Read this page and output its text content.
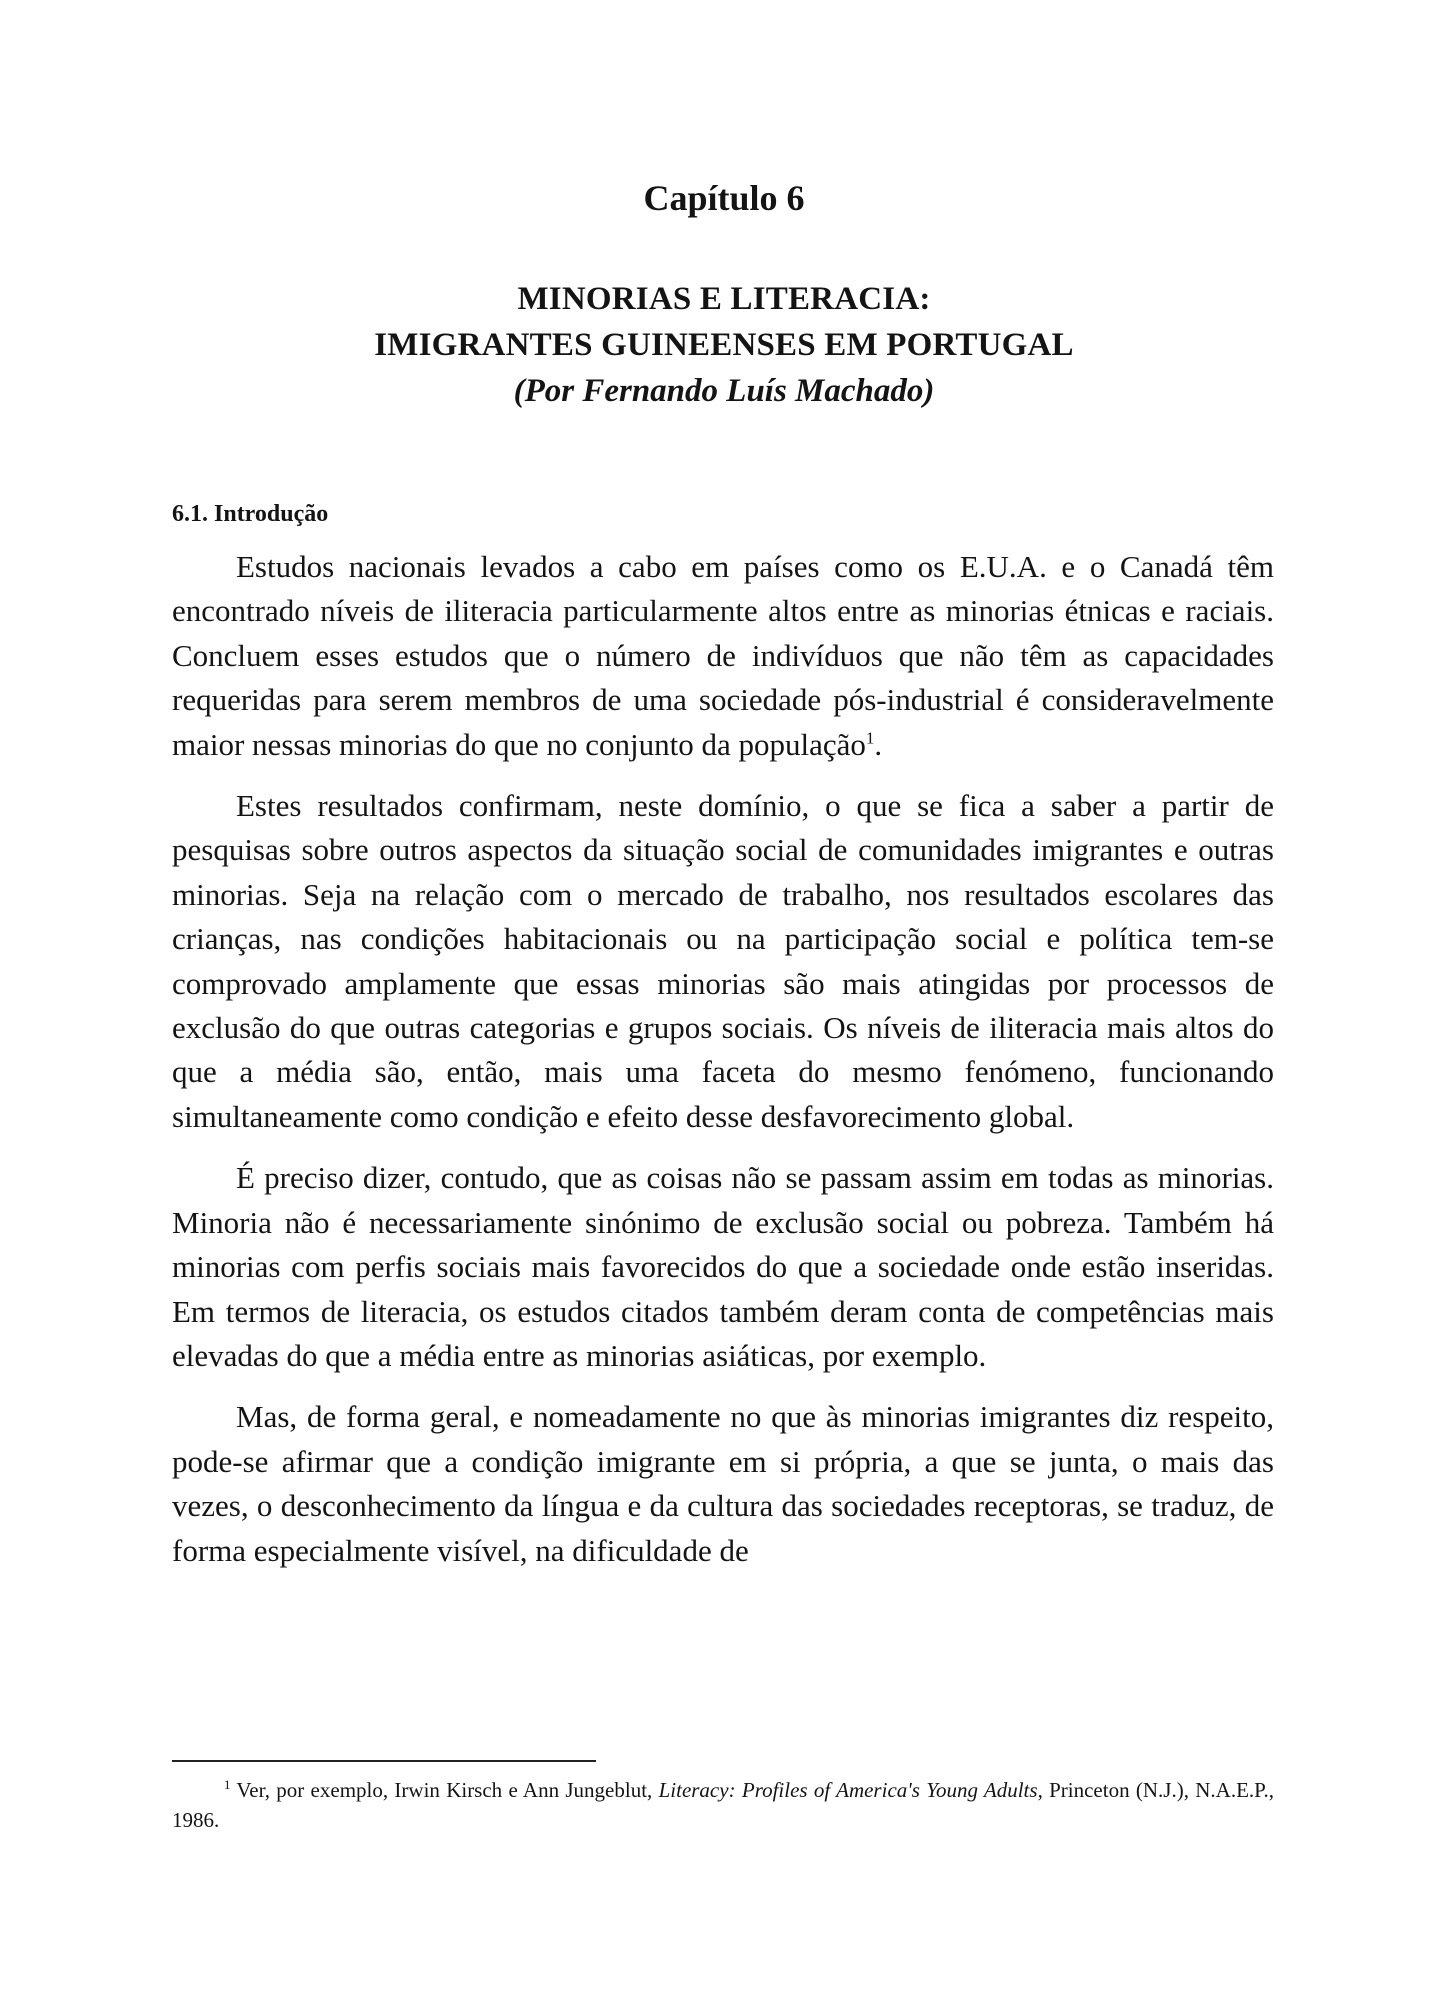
Capítulo 6
MINORIAS E LITERACIA:
IMIGRANTES GUINEENSES EM PORTUGAL
(Por Fernando Luís Machado)
6.1. Introdução

Estudos nacionais levados a cabo em países como os E.U.A. e o Canadá têm encontrado níveis de iliteracia particularmente altos entre as minorias étnicas e raciais. Concluem esses estudos que o número de indivíduos que não têm as capacidades requeridas para serem membros de uma sociedade pós-industrial é consideravelmente maior nessas minorias do que no conjunto da população$^1$.

Estes resultados confirmam, neste domínio, o que se fica a saber a partir de pesquisas sobre outros aspectos da situação social de comunidades imigrantes e outras minorias. Seja na relação com o mercado de trabalho, nos resultados escolares das crianças, nas condições habitacionais ou na participação social e política tem-se comprovado amplamente que essas minorias são mais atingidas por processos de exclusão do que outras categorias e grupos sociais. Os níveis de iliteracia mais altos do que a média são, então, mais uma faceta do mesmo fenómeno, funcionando simultaneamente como condição e efeito desse desfavorecimento global.

É preciso dizer, contudo, que as coisas não se passam assim em todas as minorias. Minoria não é necessariamente sinónimo de exclusão social ou pobreza. Também há minorias com perfis sociais mais favorecidos do que a sociedade onde estão inseridas. Em termos de literacia, os estudos citados também deram conta de competências mais elevadas do que a média entre as minorias asiáticas, por exemplo.

Mas, de forma geral, e nomeadamente no que às minorias imigrantes diz respeito, pode-se afirmar que a condição imigrante em si própria, a que se junta, o mais das vezes, o desconhecimento da língua e da cultura das sociedades receptoras, se traduz, de forma especialmente visível, na dificuldade de

$^1$ Ver, por exemplo, Irwin Kirsch e Ann Jungeblut, Literacy: Profiles of America's Young Adults, Princeton (N.J.), N.A.E.P., 1986.
